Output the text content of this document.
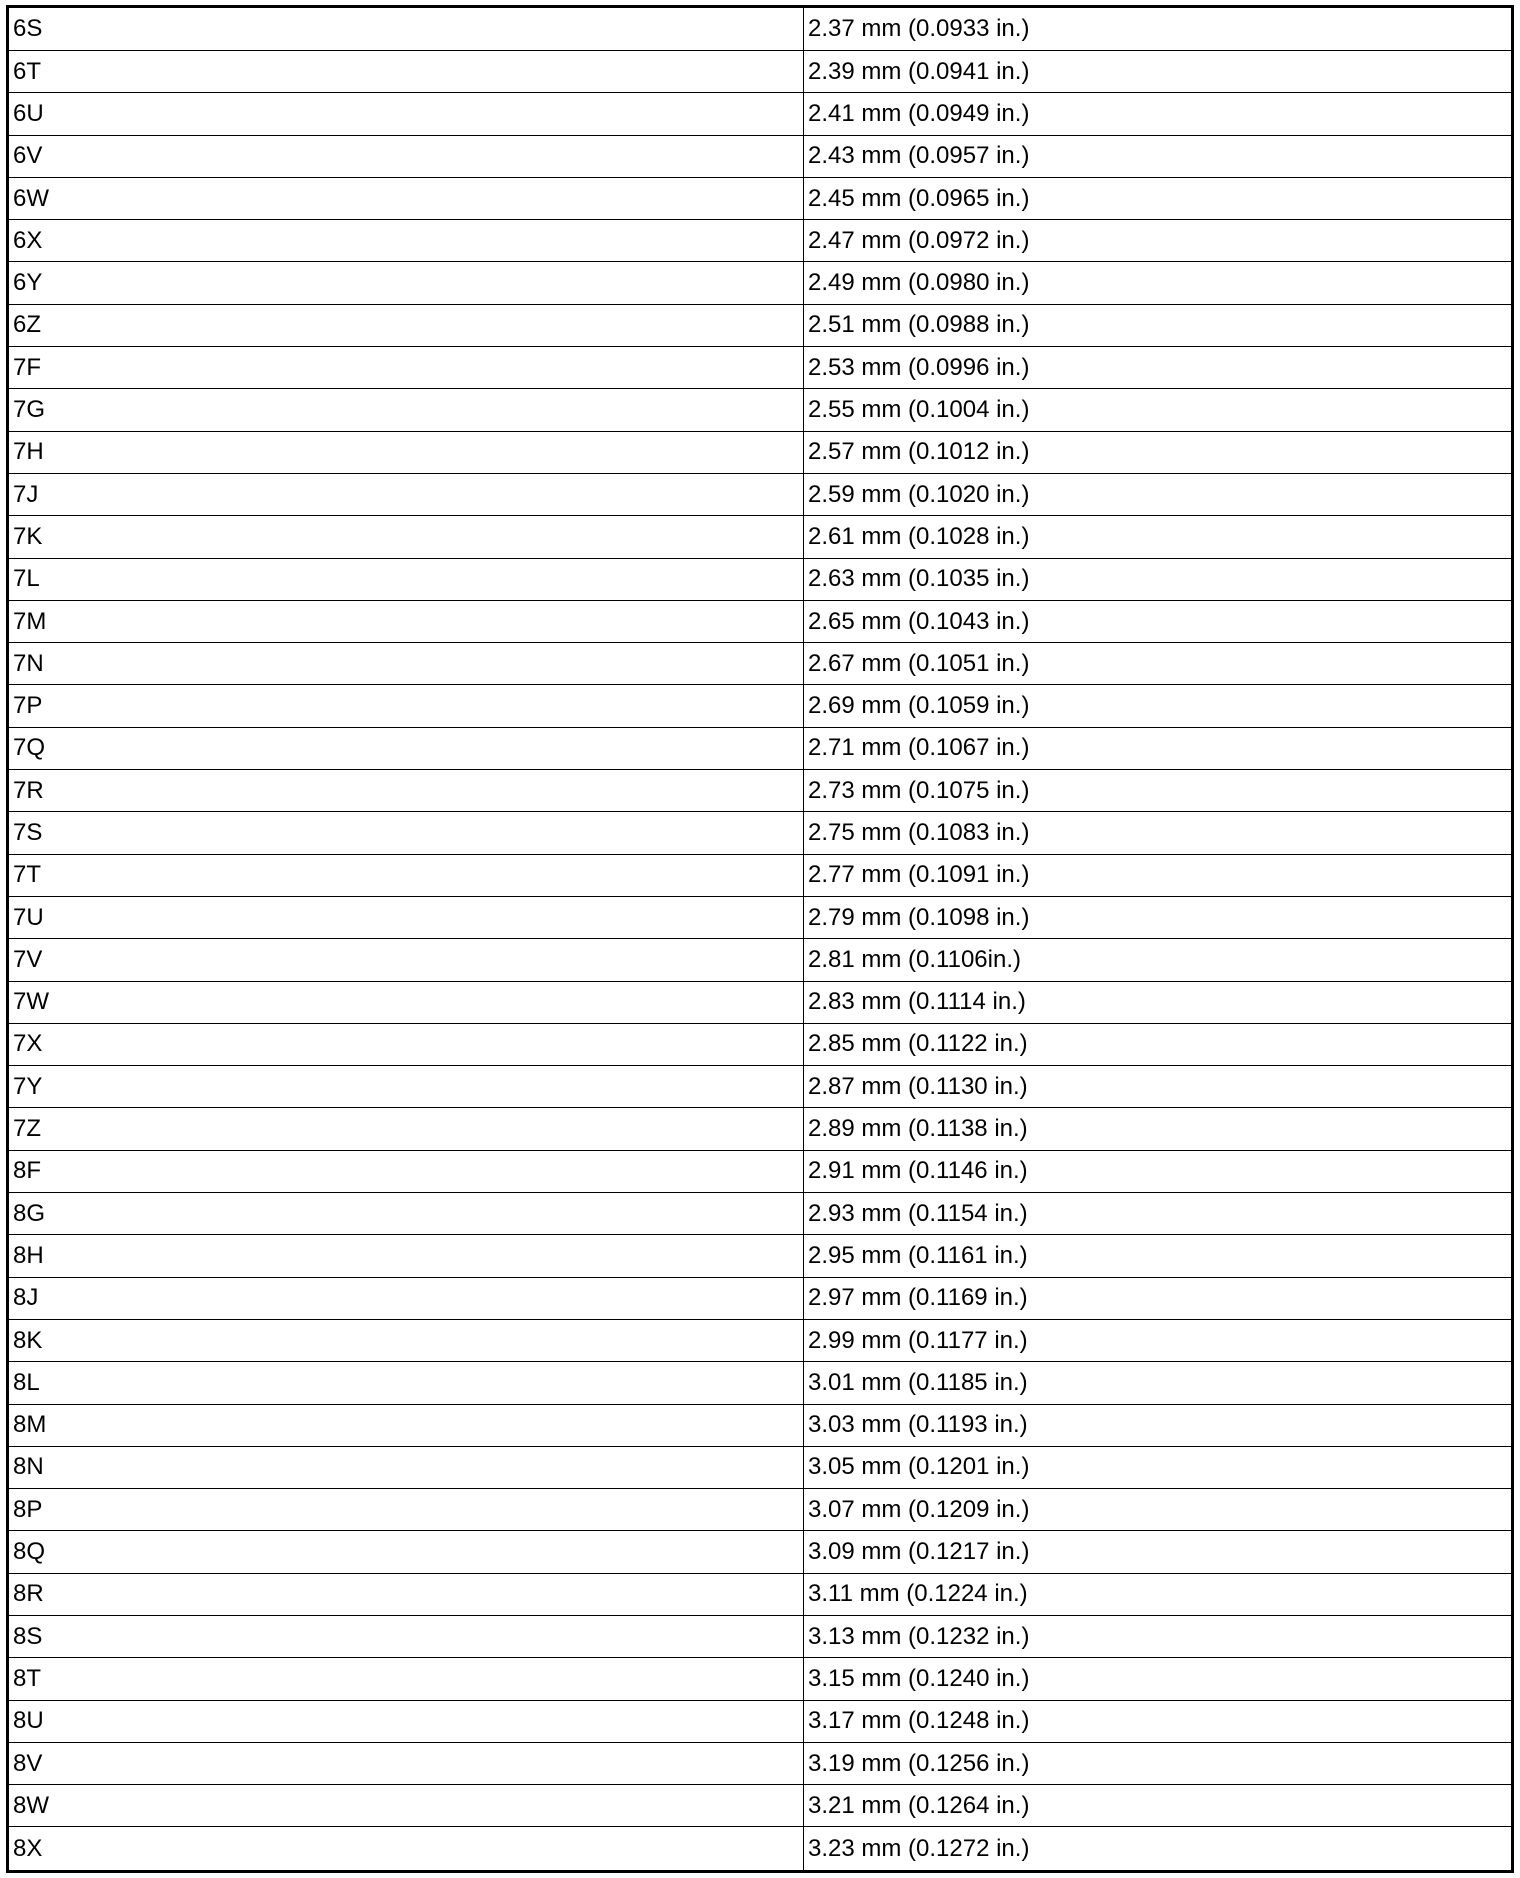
6S	2.37 mm (0.0933 in.)
6T	2.39 mm (0.0941 in.)
6U	2.41 mm (0.0949 in.)
6V	2.43 mm (0.0957 in.)
6W	2.45 mm (0.0965 in.)
6X	2.47 mm (0.0972 in.)
6Y	2.49 mm (0.0980 in.)
6Z	2.51 mm (0.0988 in.)
7F	2.53 mm (0.0996 in.)
7G	2.55 mm (0.1004 in.)
7H	2.57 mm (0.1012 in.)
7J	2.59 mm (0.1020 in.)
7K	2.61 mm (0.1028 in.)
7L	2.63 mm (0.1035 in.)
7M	2.65 mm (0.1043 in.)
7N	2.67 mm (0.1051 in.)
7P	2.69 mm (0.1059 in.)
7Q	2.71 mm (0.1067 in.)
7R	2.73 mm (0.1075 in.)
7S	2.75 mm (0.1083 in.)
7T	2.77 mm (0.1091 in.)
7U	2.79 mm (0.1098 in.)
7V	2.81 mm (0.1106in.)
7W	2.83 mm (0.1114 in.)
7X	2.85 mm (0.1122 in.)
7Y	2.87 mm (0.1130 in.)
7Z	2.89 mm (0.1138 in.)
8F	2.91 mm (0.1146 in.)
8G	2.93 mm (0.1154 in.)
8H	2.95 mm (0.1161 in.)
8J	2.97 mm (0.1169 in.)
8K	2.99 mm (0.1177 in.)
8L	3.01 mm (0.1185 in.)
8M	3.03 mm (0.1193 in.)
8N	3.05 mm (0.1201 in.)
8P	3.07 mm (0.1209 in.)
8Q	3.09 mm (0.1217 in.)
8R	3.11 mm (0.1224 in.)
8S	3.13 mm (0.1232 in.)
8T	3.15 mm (0.1240 in.)
8U	3.17 mm (0.1248 in.)
8V	3.19 mm (0.1256 in.)
8W	3.21 mm (0.1264 in.)
8X	3.23 mm (0.1272 in.)
